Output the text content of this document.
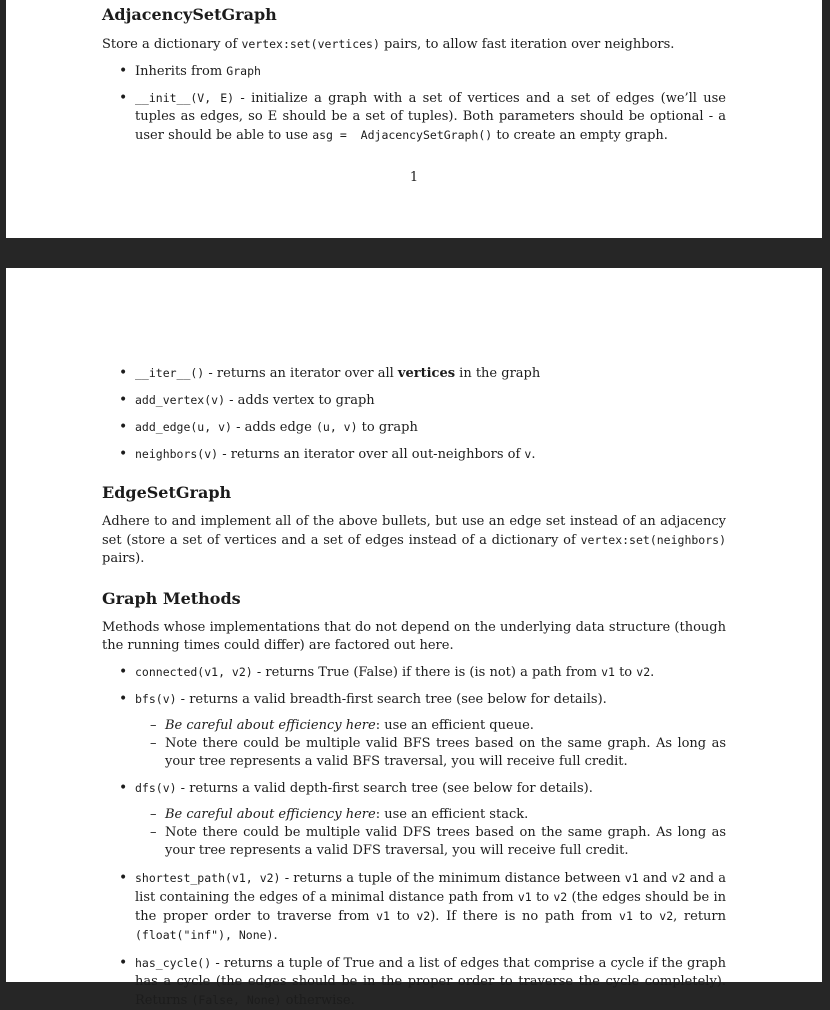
AdjacencySetGraph

Store a dictionary of vertex:set(vertices) pairs, to allow fast iteration over neighbors.

• Inherits from Graph
• __init__(V, E) - initialize a graph with a set of vertices and a set of edges (we’ll use tuples as edges, so E should be a set of tuples). Both parameters should be optional - a user should be able to use asg =  AdjacencySetGraph() to create an empty graph.
1
• __iter__() - returns an iterator over all vertices in the graph
• add_vertex(v) - adds vertex to graph
• add_edge(u, v) - adds edge (u, v) to graph
• neighbors(v) - returns an iterator over all out-neighbors of v.
EdgeSetGraph

Adhere to and implement all of the above bullets, but use an edge set instead of an adjacency set (store a set of vertices and a set of edges instead of a dictionary of vertex:set(neighbors) pairs).

Graph Methods

Methods whose implementations that do not depend on the underlying data structure (though the running times could differ) are factored out here.

• connected(v1, v2) - returns True (False) if there is (is not) a path from v1 to v2.
• bfs(v) - returns a valid breadth-first search tree (see below for details).
– Be careful about efficiency here: use an efficient queue.
– Note there could be multiple valid BFS trees based on the same graph. As long as your tree represents a valid BFS traversal, you will receive full credit.
• dfs(v) - returns a valid depth-first search tree (see below for details).
– Be careful about efficiency here: use an efficient stack.
– Note there could be multiple valid DFS trees based on the same graph. As long as your tree represents a valid DFS traversal, you will receive full credit.
• shortest_path(v1, v2) - returns a tuple of the minimum distance between v1 and v2 and a list containing the edges of a minimal distance path from v1 to v2 (the edges should be in the proper order to traverse from v1 to v2). If there is no path from v1 to v2, return (float("inf"), None).
• has_cycle() - returns a tuple of True and a list of edges that comprise a cycle if the graph has a cycle (the edges should be in the proper order to traverse the cycle completely). Returns (False, None) otherwise.
